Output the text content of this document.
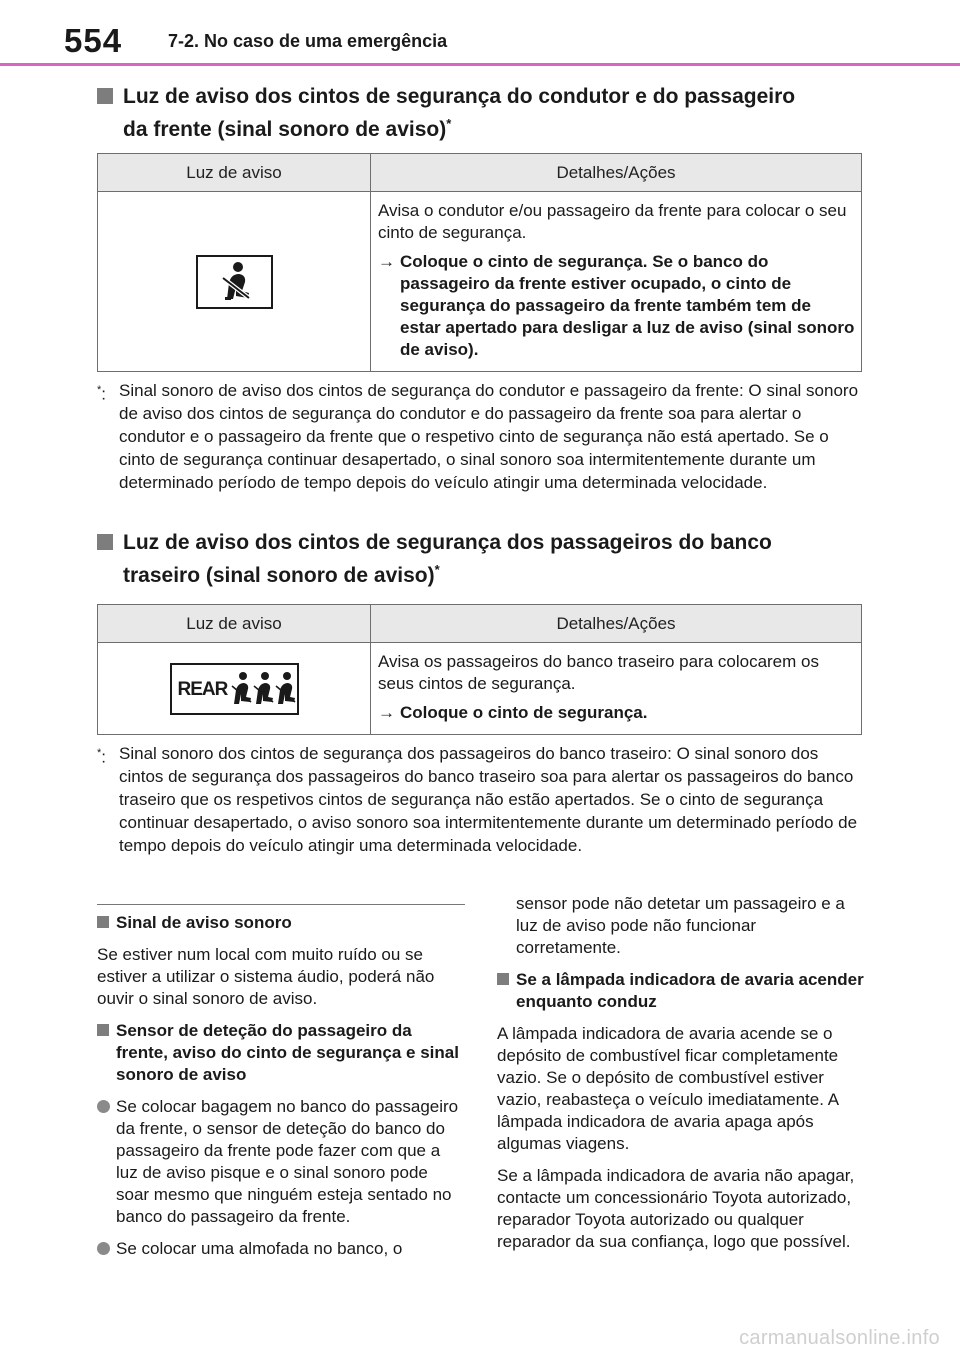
554	7-2. No caso de uma emergência
Luz de aviso dos cintos de segurança do condutor e do passageiro
da frente (sinal sonoro de aviso)*
Luz de aviso	Detalhes/Ações

Avisa o condutor e/ou passageiro da frente para colocar o seu cinto de segurança.

→ Coloque o cinto de segurança. Se o banco do passageiro da frente estiver ocupado, o cinto de segurança do passageiro da frente também tem de estar apertado para desligar a luz de aviso (sinal sonoro de aviso).
*: Sinal sonoro de aviso dos cintos de segurança do condutor e passageiro da frente: O sinal sonoro de aviso dos cintos de segurança do condutor e do passageiro da frente soa para alertar o condutor e o passageiro da frente que o respetivo cinto de segurança não está apertado. Se o cinto de segurança continuar desapertado, o sinal sonoro soa intermitentemente durante um determinado período de tempo depois do veículo atingir uma determinada velocidade.
Luz de aviso dos cintos de segurança dos passageiros do banco
traseiro (sinal sonoro de aviso)*
Luz de aviso	Detalhes/Ações

REAR	Avisa os passageiros do banco traseiro para colocarem os seus cintos de segurança.

→ Coloque o cinto de segurança.
*: Sinal sonoro dos cintos de segurança dos passageiros do banco traseiro: O sinal sonoro dos cintos de segurança dos passageiros do banco traseiro soa para alertar os passageiros do banco traseiro que os respetivos cintos de segurança não estão apertados. Se o cinto de segurança continuar desapertado, o aviso sonoro soa intermitentemente durante um determinado período de tempo depois do veículo atingir uma determinada velocidade.
Sinal de aviso sonoro

Se estiver num local com muito ruído ou se estiver a utilizar o sistema áudio, poderá não ouvir o sinal sonoro de aviso.

Sensor de deteção do passageiro da frente, aviso do cinto de segurança e sinal sonoro de aviso
Se colocar bagagem no banco do passageiro da frente, o sensor de deteção do banco do passageiro da frente pode fazer com que a luz de aviso pisque e o sinal sonoro pode soar mesmo que ninguém esteja sentado no banco do passageiro da frente.
Se colocar uma almofada no banco, o
sensor pode não detetar um passageiro e a luz de aviso pode não funcionar corretamente.
Se a lâmpada indicadora de avaria acender enquanto conduz

A lâmpada indicadora de avaria acende se o depósito de combustível ficar completamente vazio. Se o depósito de combustível estiver vazio, reabasteça o veículo imediatamente. A lâmpada indicadora de avaria apaga após algumas viagens.

Se a lâmpada indicadora de avaria não apagar, contacte um concessionário Toyota autorizado, reparador Toyota autorizado ou qualquer reparador da sua confiança, logo que possível.

carmanualsonline.info
